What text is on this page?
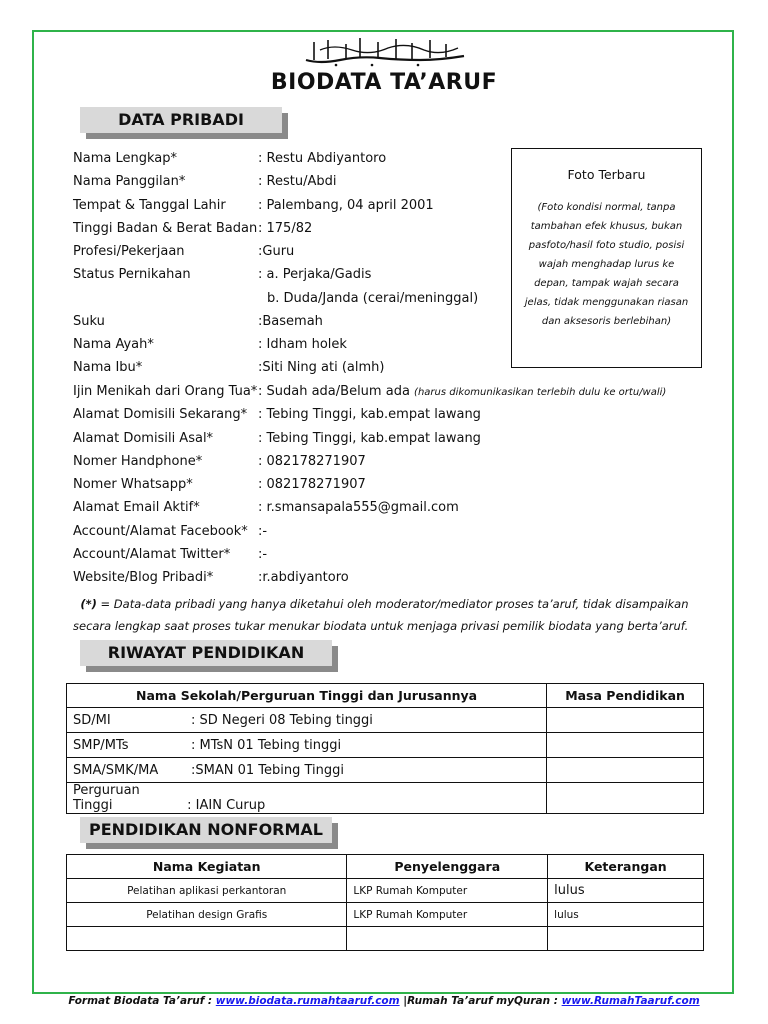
BIODATA TA’ARUF
DATA PRIBADI
Nama Lengkap*	: Restu Abdiyantoro
Nama Panggilan*	: Restu/Abdi
Tempat & Tanggal Lahir : Palembang, 04 april 2001
Tinggi Badan & Berat Badan : 175/82
Profesi/Pekerjaan	:Guru
Status Pernikahan	: a. Perjaka/Gadis
b. Duda/Janda (cerai/meninggal)
Suku	:Basemah
Nama Ayah*	: Idham holek
Nama Ibu*	:Siti Ning ati (almh)
Ijin Menikah dari Orang Tua* : Sudah ada/Belum ada (harus dikomunikasikan terlebih dulu ke ortu/wali)
Alamat Domisili Sekarang* : Tebing Tinggi, kab.empat lawang
Alamat Domisili Asal*	: Tebing Tinggi, kab.empat lawang
Nomer Handphone*	: 082178271907
Nomer Whatsapp*	: 082178271907
Alamat Email Aktif*	: r.smansapala555@gmail.com
Account/Alamat Facebook* :-
Account/Alamat Twitter* :-
Website/Blog Pribadi*	:r.abdiyantoro
Foto Terbaru
(Foto kondisi normal, tanpa tambahan efek khusus, bukan pasfoto/hasil foto studio, posisi wajah menghadap lurus ke depan, tampak wajah secara jelas, tidak menggunakan riasan dan aksesoris berlebihan)
(*) = Data-data pribadi yang hanya diketahui oleh moderator/mediator proses ta’aruf, tidak disampaikan secara lengkap saat proses tukar menukar biodata untuk menjaga privasi pemilik biodata yang berta’aruf.
RIWAYAT PENDIDIKAN
Nama Sekolah/Perguruan Tinggi dan Jurusannya	Masa Pendidikan
SD/MI : SD Negeri 08 Tebing tinggi	
SMP/MTs : MTsN 01 Tebing tinggi	
SMA/SMK/MA :SMAN 01 Tebing Tinggi	
Perguruan Tinggi : IAIN Curup	
PENDIDIKAN NONFORMAL
Nama Kegiatan	Penyelenggara	Keterangan
Pelatihan aplikasi perkantoran	LKP Rumah Komputer	lulus
Pelatihan design Grafis	LKP Rumah Komputer	lulus

Format Biodata Ta’aruf : www.biodata.rumahtaaruf.com |Rumah Ta’aruf myQuran : www.RumahTaaruf.com
